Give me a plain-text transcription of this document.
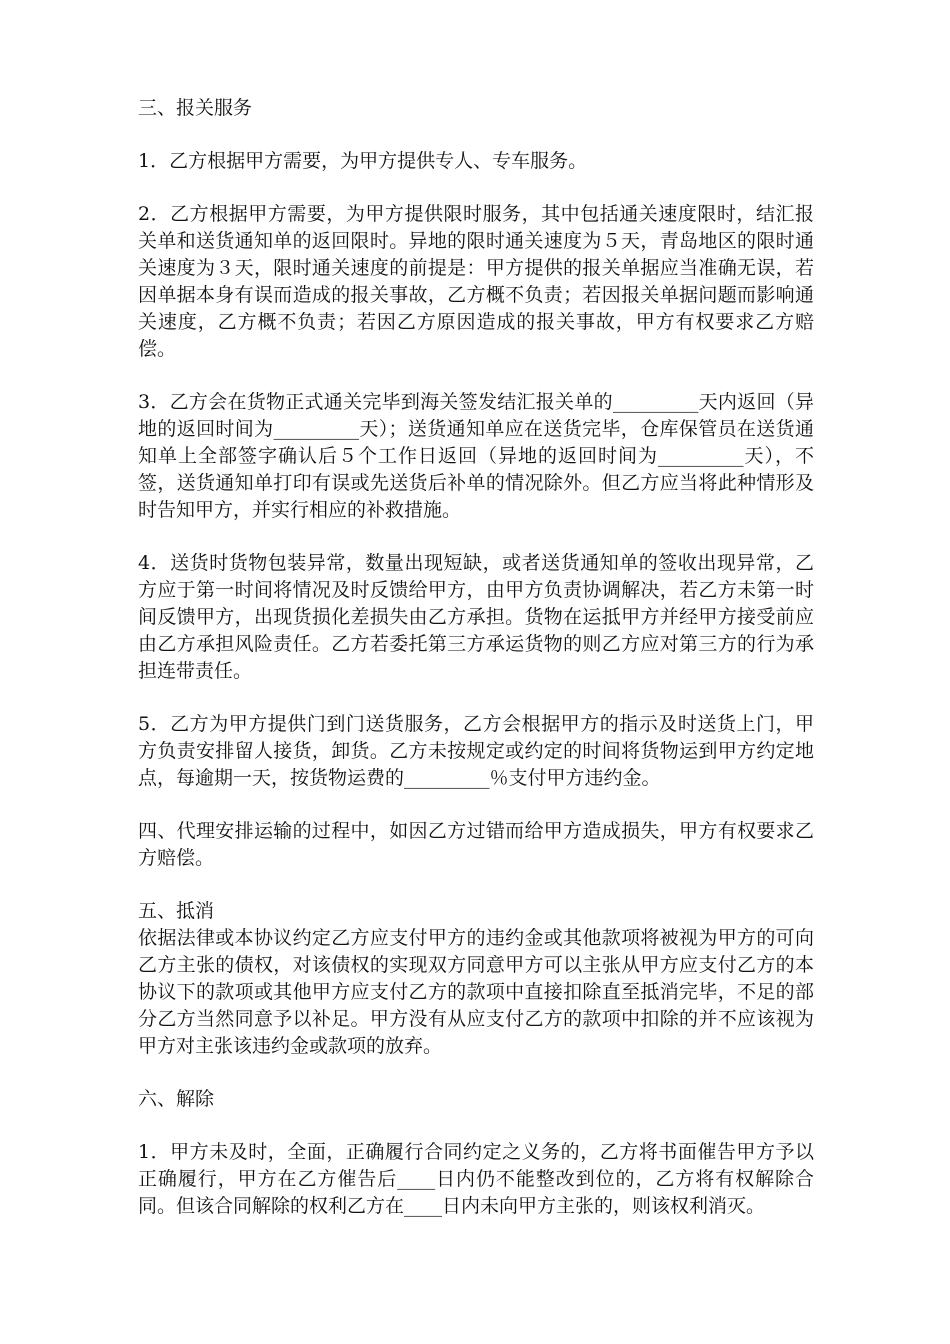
三、报关服务

1．乙方根据甲方需要，为甲方提供专人、专车服务。

2．乙方根据甲方需要，为甲方提供限时服务，其中包括通关速度限时，结汇报关单和送货通知单的返回限时。异地的限时通关速度为５天，青岛地区的限时通关速度为３天，限时通关速度的前提是：甲方提供的报关单据应当准确无误，若因单据本身有误而造成的报关事故，乙方概不负责；若因报关单据问题而影响通关速度，乙方概不负责；若因乙方原因造成的报关事故，甲方有权要求乙方赔偿。

3．乙方会在货物正式通关完毕到海关签发结汇报关单的_________天内返回（异地的返回时间为_________天）；送货通知单应在送货完毕，仓库保管员在送货通知单上全部签字确认后５个工作日返回（异地的返回时间为_________天），不签，送货通知单打印有误或先送货后补单的情况除外。但乙方应当将此种情形及时告知甲方，并实行相应的补救措施。

4．送货时货物包装异常，数量出现短缺，或者送货通知单的签收出现异常，乙方应于第一时间将情况及时反馈给甲方，由甲方负责协调解决，若乙方未第一时间反馈甲方，出现货损化差损失由乙方承担。货物在运抵甲方并经甲方接受前应由乙方承担风险责任。乙方若委托第三方承运货物的则乙方应对第三方的行为承担连带责任。

5．乙方为甲方提供门到门送货服务，乙方会根据甲方的指示及时送货上门，甲方负责安排留人接货，卸货。乙方未按规定或约定的时间将货物运到甲方约定地点，每逾期一天，按货物运费的_________％支付甲方违约金。

四、代理安排运输的过程中，如因乙方过错而给甲方造成损失，甲方有权要求乙方赔偿。

五、抵消

依据法律或本协议约定乙方应支付甲方的违约金或其他款项将被视为甲方的可向乙方主张的债权，对该债权的实现双方同意甲方可以主张从甲方应支付乙方的本协议下的款项或其他甲方应支付乙方的款项中直接扣除直至抵消完毕，不足的部分乙方当然同意予以补足。甲方没有从应支付乙方的款项中扣除的并不应该视为甲方对主张该违约金或款项的放弃。

六、解除

1．甲方未及时，全面，正确履行合同约定之义务的，乙方将书面催告甲方予以正确履行，甲方在乙方催告后____日内仍不能整改到位的，乙方将有权解除合同。但该合同解除的权利乙方在____日内未向甲方主张的，则该权利消灭。
